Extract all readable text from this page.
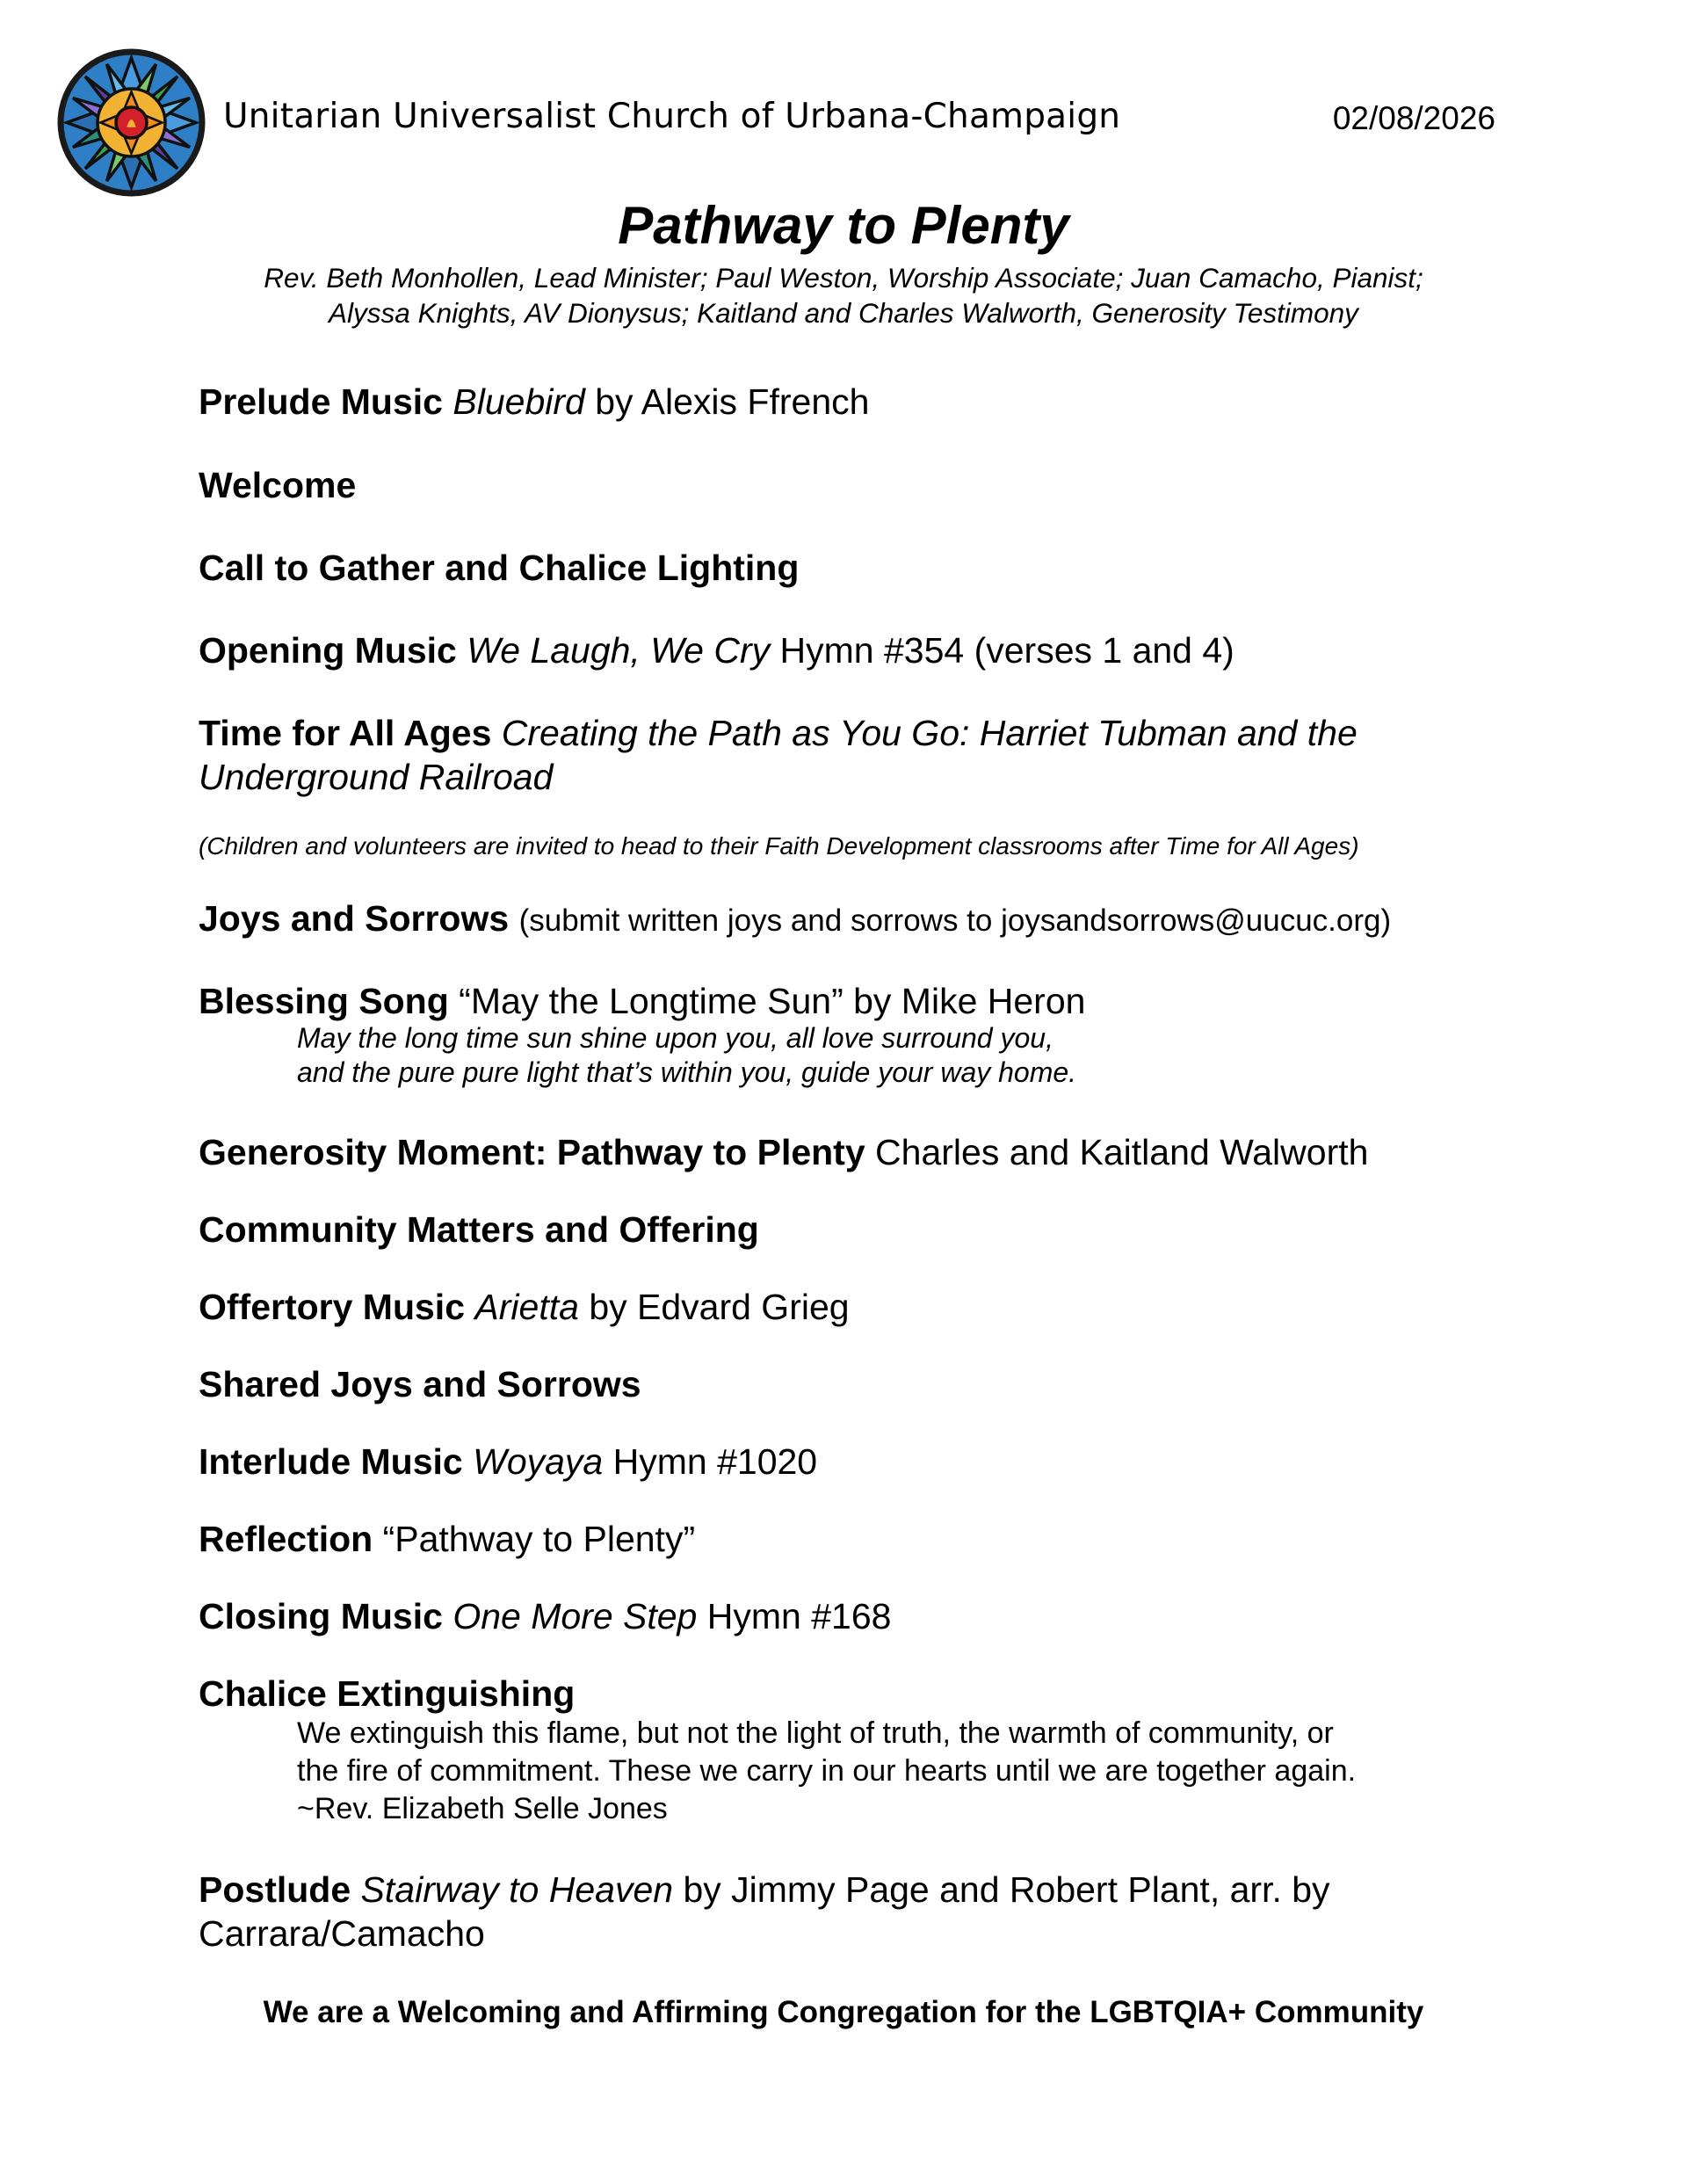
Unitarian Universalist Church of Urbana-Champaign	02/08/2026
Pathway to Plenty
Rev. Beth Monhollen, Lead Minister; Paul Weston, Worship Associate; Juan Camacho, Pianist;
Alyssa Knights, AV Dionysus; Kaitland and Charles Walworth, Generosity Testimony
Prelude Music Bluebird by Alexis Ffrench
Welcome
Call to Gather and Chalice Lighting
Opening Music We Laugh, We Cry Hymn #354 (verses 1 and 4)
Time for All Ages Creating the Path as You Go: Harriet Tubman and the
Underground Railroad
(Children and volunteers are invited to head to their Faith Development classrooms after Time for All Ages)
Joys and Sorrows (submit written joys and sorrows to joysandsorrows@uucuc.org)
Blessing Song “May the Longtime Sun” by Mike Heron
May the long time sun shine upon you, all love surround you,
and the pure pure light that’s within you, guide your way home.
Generosity Moment: Pathway to Plenty Charles and Kaitland Walworth
Community Matters and Offering
Offertory Music Arietta by Edvard Grieg
Shared Joys and Sorrows
Interlude Music Woyaya Hymn #1020
Reflection “Pathway to Plenty”
Closing Music One More Step Hymn #168
Chalice Extinguishing
We extinguish this flame, but not the light of truth, the warmth of community, or
the fire of commitment. These we carry in our hearts until we are together again.
~Rev. Elizabeth Selle Jones
Postlude Stairway to Heaven by Jimmy Page and Robert Plant, arr. by
Carrara/Camacho
We are a Welcoming and Affirming Congregation for the LGBTQIA+ Community
